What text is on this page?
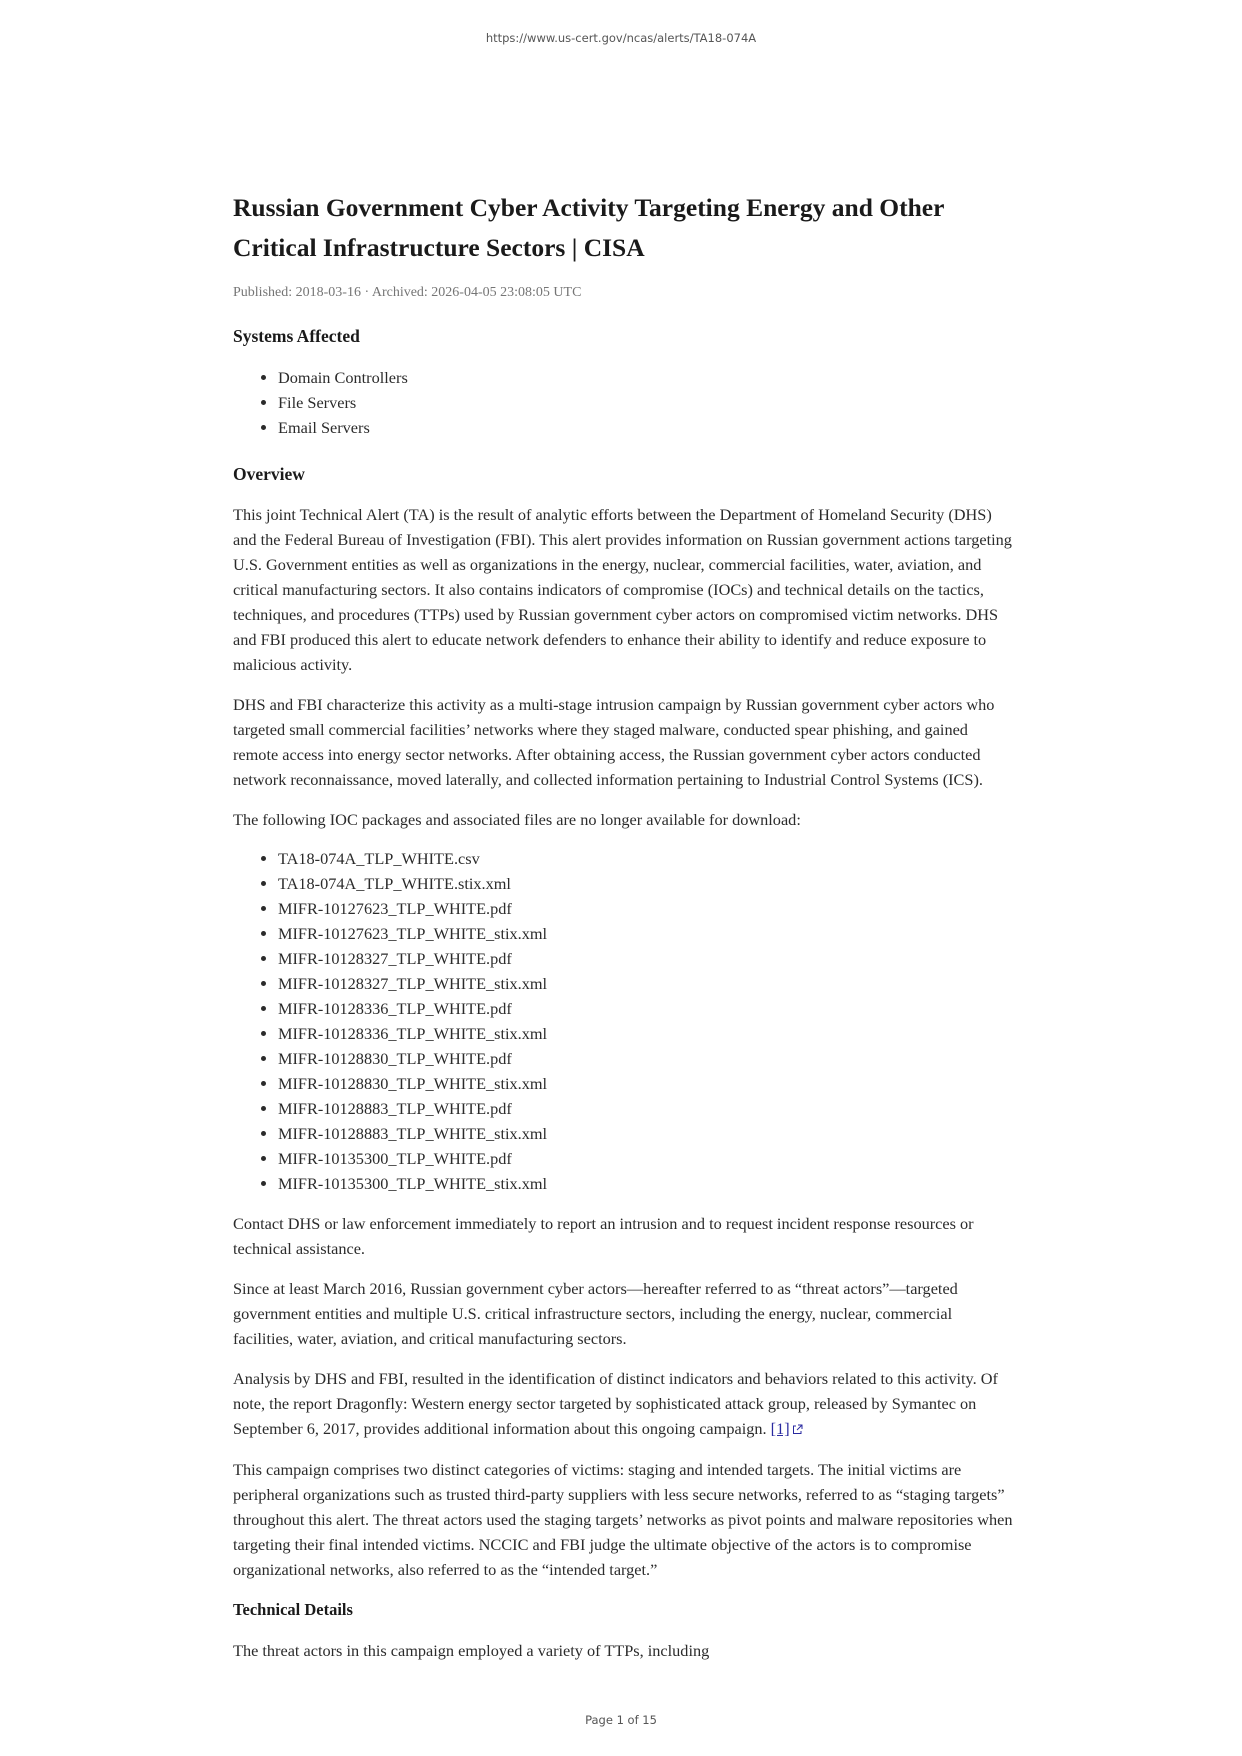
https://www.us-cert.gov/ncas/alerts/TA18-074A
Russian Government Cyber Activity Targeting Energy and Other Critical Infrastructure Sectors | CISA
Published: 2018-03-16 · Archived: 2026-04-05 23:08:05 UTC
Systems Affected
• Domain Controllers
• File Servers
• Email Servers
Overview

This joint Technical Alert (TA) is the result of analytic efforts between the Department of Homeland Security (DHS) and the Federal Bureau of Investigation (FBI). This alert provides information on Russian government actions targeting U.S. Government entities as well as organizations in the energy, nuclear, commercial facilities, water, aviation, and critical manufacturing sectors. It also contains indicators of compromise (IOCs) and technical details on the tactics, techniques, and procedures (TTPs) used by Russian government cyber actors on compromised victim networks. DHS and FBI produced this alert to educate network defenders to enhance their ability to identify and reduce exposure to malicious activity.

DHS and FBI characterize this activity as a multi-stage intrusion campaign by Russian government cyber actors who targeted small commercial facilities’ networks where they staged malware, conducted spear phishing, and gained remote access into energy sector networks. After obtaining access, the Russian government cyber actors conducted network reconnaissance, moved laterally, and collected information pertaining to Industrial Control Systems (ICS).

The following IOC packages and associated files are no longer available for download:

• TA18-074A_TLP_WHITE.csv
• TA18-074A_TLP_WHITE.stix.xml
• MIFR-10127623_TLP_WHITE.pdf
• MIFR-10127623_TLP_WHITE_stix.xml
• MIFR-10128327_TLP_WHITE.pdf
• MIFR-10128327_TLP_WHITE_stix.xml
• MIFR-10128336_TLP_WHITE.pdf
• MIFR-10128336_TLP_WHITE_stix.xml
• MIFR-10128830_TLP_WHITE.pdf
• MIFR-10128830_TLP_WHITE_stix.xml
• MIFR-10128883_TLP_WHITE.pdf
• MIFR-10128883_TLP_WHITE_stix.xml
• MIFR-10135300_TLP_WHITE.pdf
• MIFR-10135300_TLP_WHITE_stix.xml

Contact DHS or law enforcement immediately to report an intrusion and to request incident response resources or technical assistance.

Since at least March 2016, Russian government cyber actors—hereafter referred to as “threat actors”—targeted government entities and multiple U.S. critical infrastructure sectors, including the energy, nuclear, commercial facilities, water, aviation, and critical manufacturing sectors.

Analysis by DHS and FBI, resulted in the identification of distinct indicators and behaviors related to this activity. Of note, the report Dragonfly: Western energy sector targeted by sophisticated attack group, released by Symantec on September 6, 2017, provides additional information about this ongoing campaign. [1]

This campaign comprises two distinct categories of victims: staging and intended targets. The initial victims are peripheral organizations such as trusted third-party suppliers with less secure networks, referred to as “staging targets” throughout this alert. The threat actors used the staging targets’ networks as pivot points and malware repositories when targeting their final intended victims. NCCIC and FBI judge the ultimate objective of the actors is to compromise organizational networks, also referred to as the “intended target.”

Technical Details

The threat actors in this campaign employed a variety of TTPs, including

Page 1 of 15
